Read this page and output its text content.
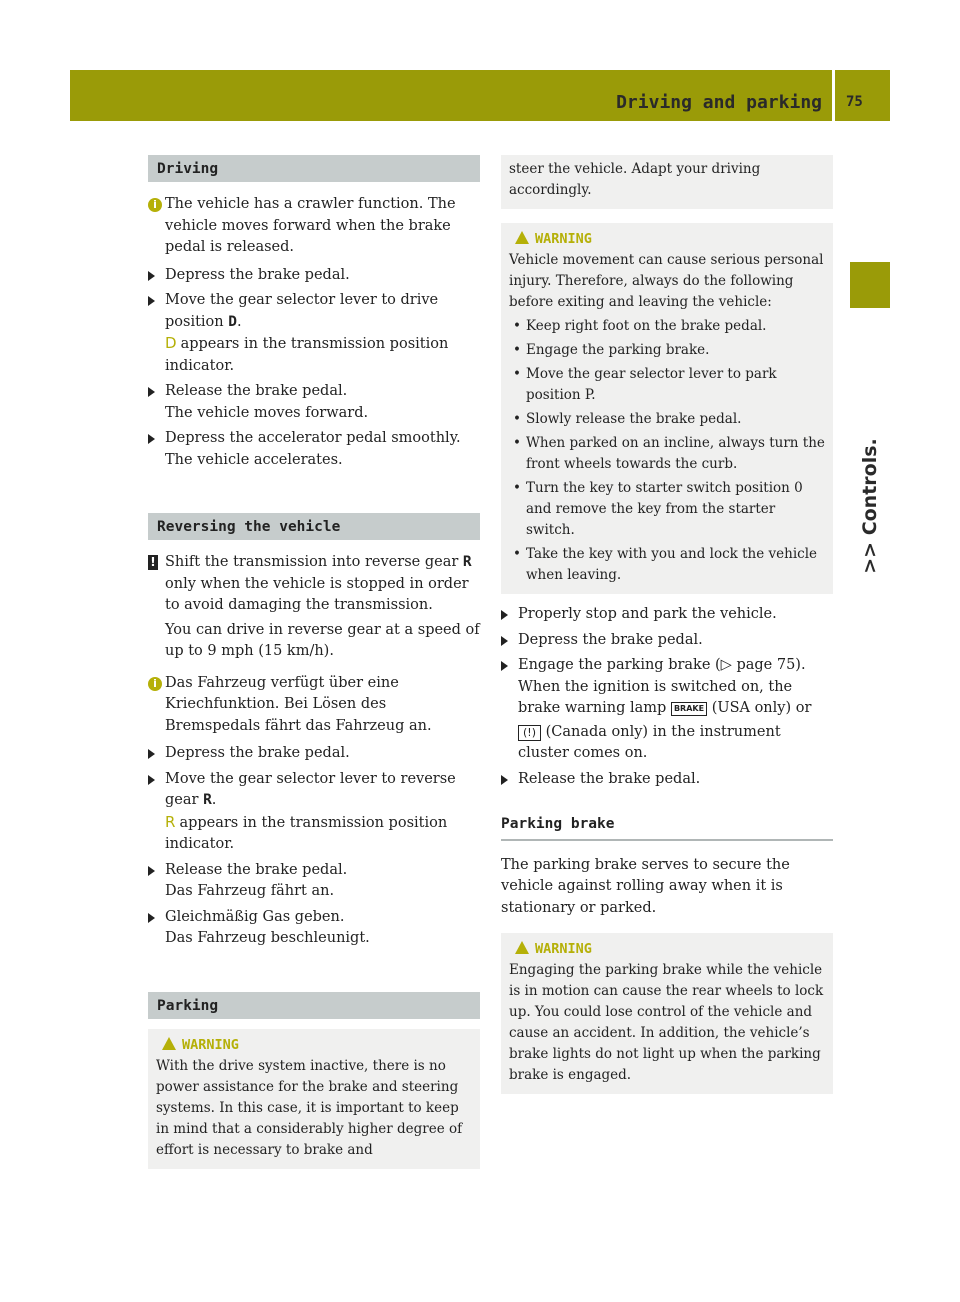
Driving and parking 75
>> Controls.
Driving
i The vehicle has a crawler function. The vehicle moves forward when the brake pedal is released.
Depress the brake pedal.
Move the gear selector lever to drive position D.
D appears in the transmission position indicator.
Release the brake pedal.
The vehicle moves forward.
Depress the accelerator pedal smoothly.
The vehicle accelerates.
Reversing the vehicle
! Shift the transmission into reverse gear R only when the vehicle is stopped in order to avoid damaging the transmission.
You can drive in reverse gear at a speed of up to 9 mph (15 km/h).
i Das Fahrzeug verfügt über eine Kriechfunktion. Bei Lösen des Bremspedals fährt das Fahrzeug an.
Depress the brake pedal.
Move the gear selector lever to reverse gear R.
R appears in the transmission position indicator.
Release the brake pedal.
Das Fahrzeug fährt an.
Gleichmäßig Gas geben.
Das Fahrzeug beschleunigt.
Parking
WARNING
With the drive system inactive, there is no power assistance for the brake and steering systems. In this case, it is important to keep in mind that a considerably higher degree of effort is necessary to brake and
steer the vehicle. Adapt your driving accordingly.
WARNING
Vehicle movement can cause serious personal injury. Therefore, always do the following before exiting and leaving the vehicle:
• Keep right foot on the brake pedal.
• Engage the parking brake.
• Move the gear selector lever to park position P.
• Slowly release the brake pedal.
• When parked on an incline, always turn the front wheels towards the curb.
• Turn the key to starter switch position 0 and remove the key from the starter switch.
• Take the key with you and lock the vehicle when leaving.
Properly stop and park the vehicle.
Depress the brake pedal.
Engage the parking brake (▷ page 75).
When the ignition is switched on, the brake warning lamp BRAKE (USA only) or
(!) (Canada only) in the instrument cluster comes on.
Release the brake pedal.
Parking brake
The parking brake serves to secure the vehicle against rolling away when it is stationary or parked.
WARNING
Engaging the parking brake while the vehicle is in motion can cause the rear wheels to lock up. You could lose control of the vehicle and cause an accident. In addition, the vehicle’s brake lights do not light up when the parking brake is engaged.
